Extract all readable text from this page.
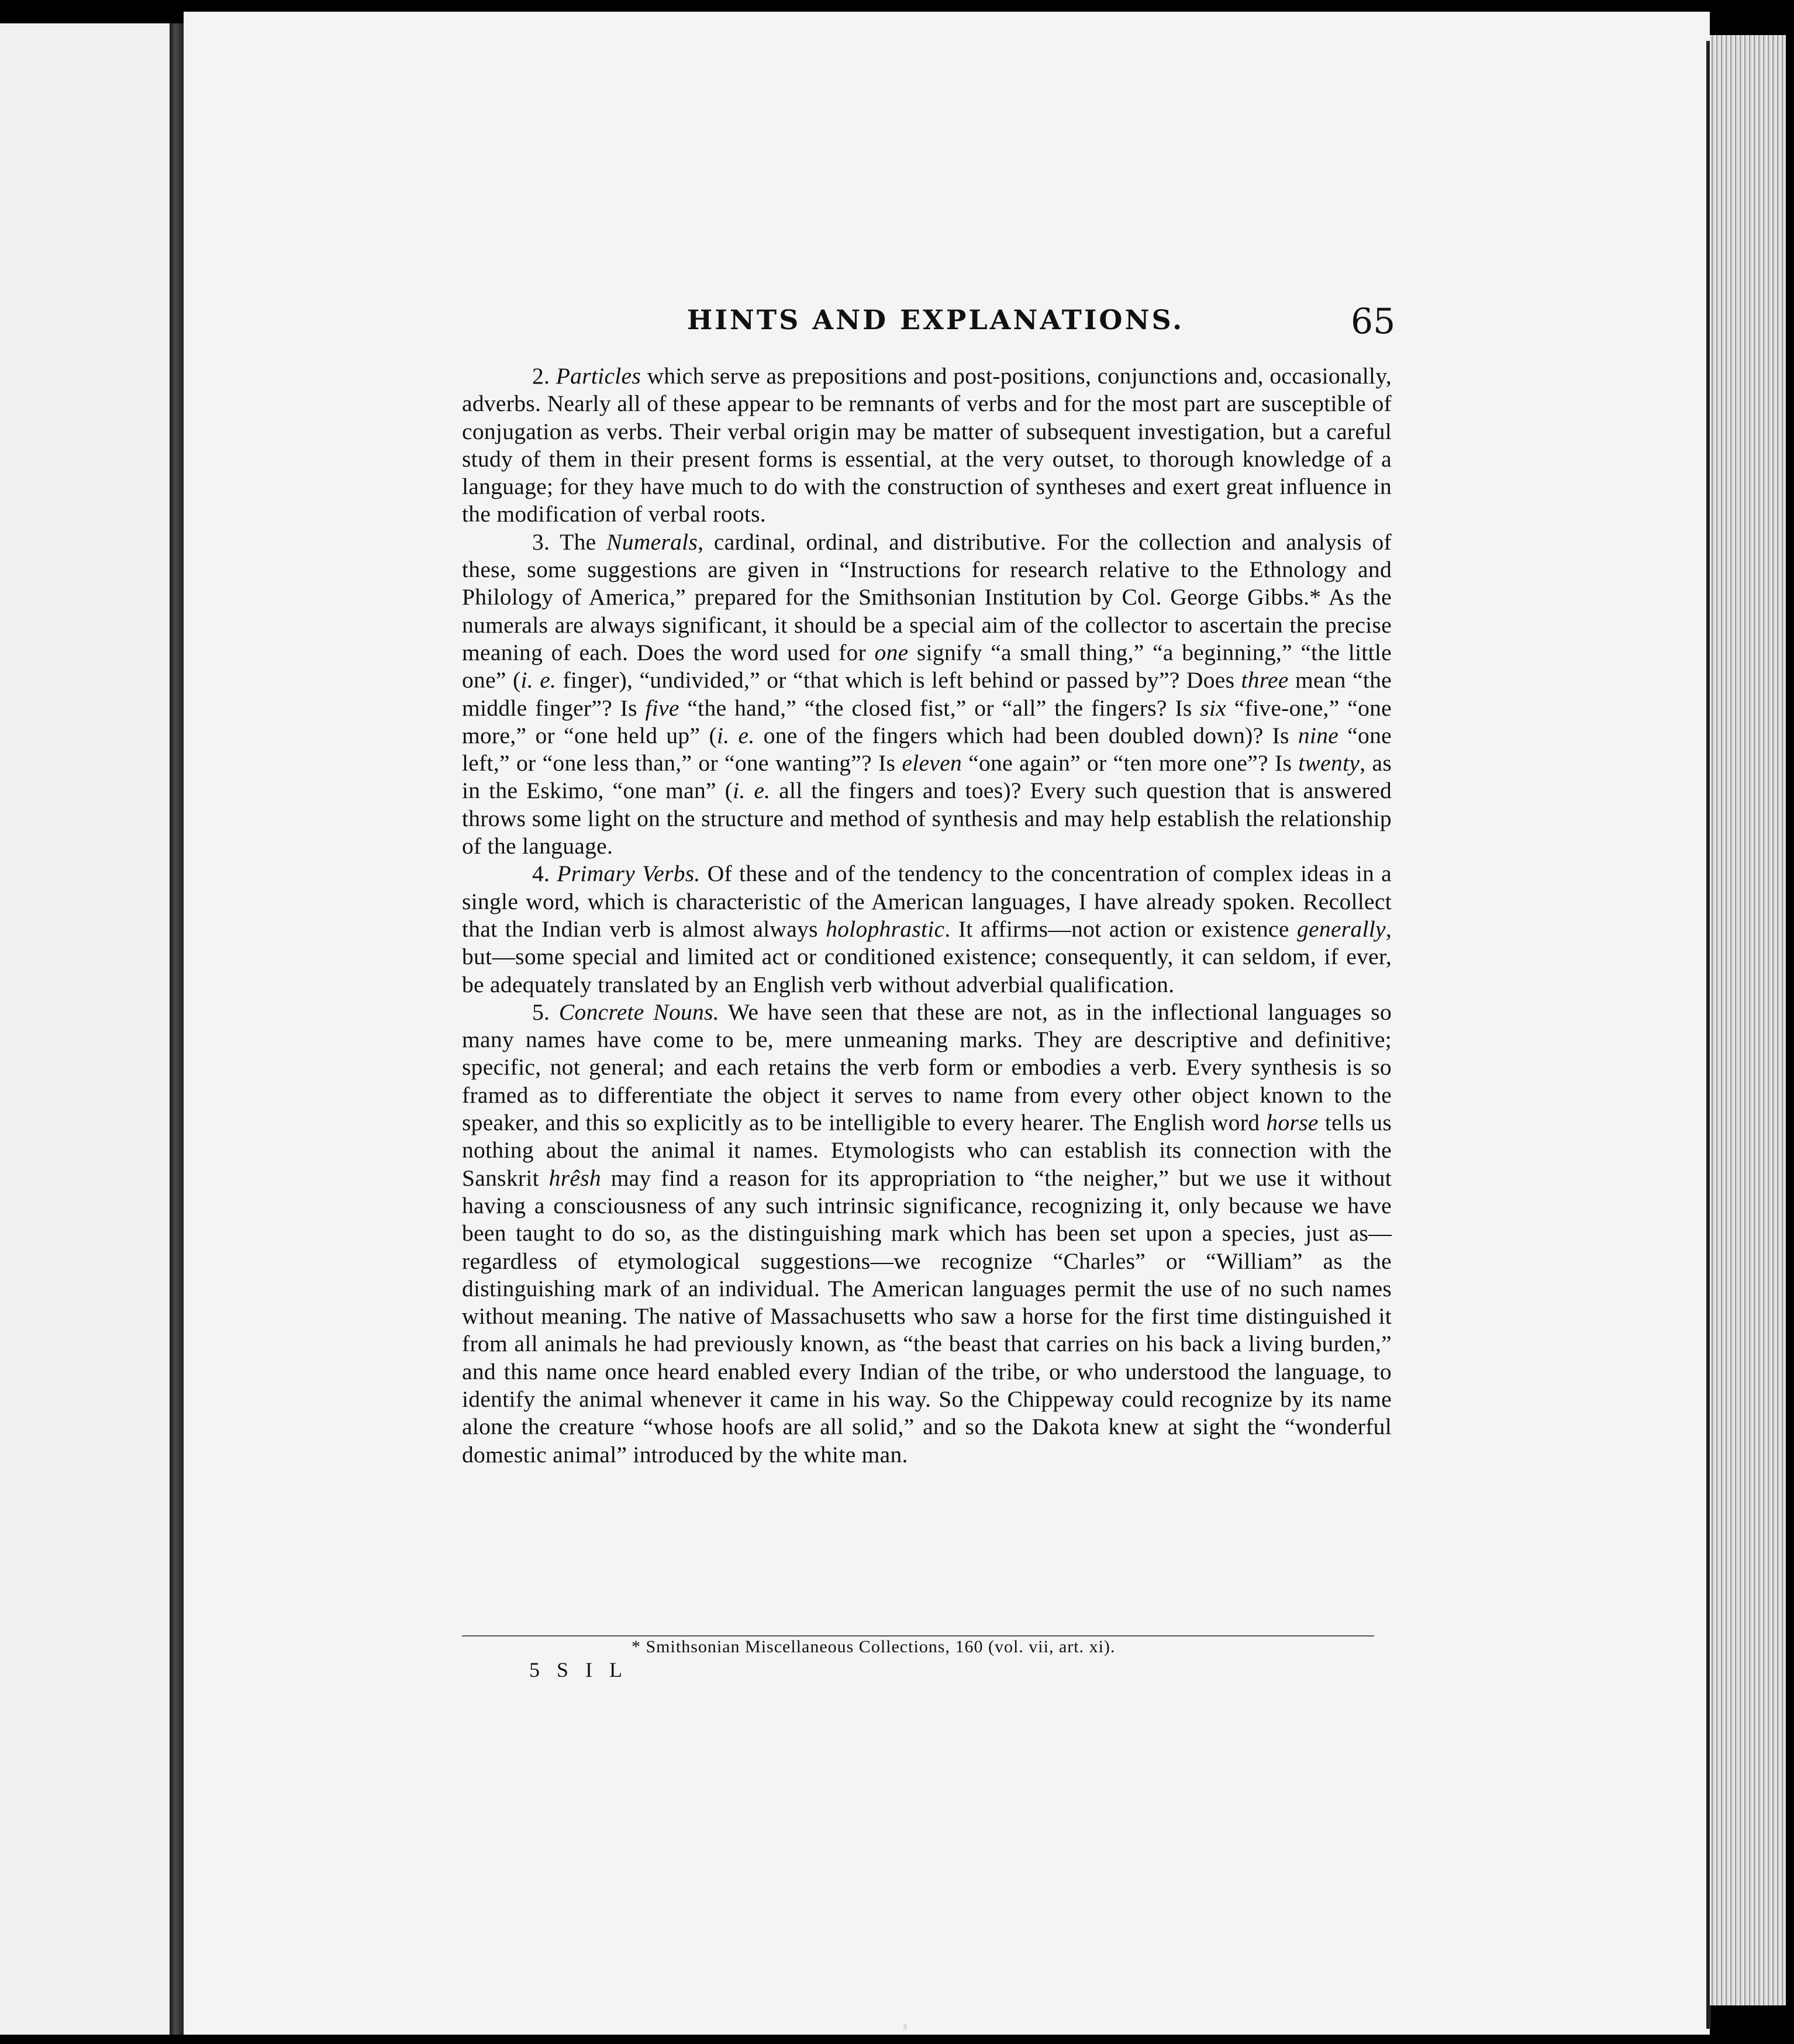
HINTS AND EXPLANATIONS.	65

2. Particles which serve as prepositions and post-positions, conjunctions and, occasionally, adverbs. Nearly all of these appear to be remnants of verbs and for the most part are susceptible of conjugation as verbs. Their verbal origin may be matter of subsequent investigation, but a careful study of them in their present forms is essential, at the very outset, to thorough knowledge of a language; for they have much to do with the construction of syntheses and exert great influence in the modification of verbal roots.

3. The Numerals, cardinal, ordinal, and distributive. For the collection and analysis of these, some suggestions are given in “Instructions for research relative to the Ethnology and Philology of America,” prepared for the Smithsonian Institution by Col. George Gibbs.* As the numerals are always significant, it should be a special aim of the collector to ascertain the precise meaning of each. Does the word used for one signify “a small thing,” “a beginning,” “the little one” (i. e. finger), “undivided,” or “that which is left behind or passed by”? Does three mean “the middle finger”? Is five “the hand,” “the closed fist,” or “all” the fingers? Is six “five-one,” “one more,” or “one held up” (i. e. one of the fingers which had been doubled down)? Is nine “one left,” or “one less than,” or “one wanting”? Is eleven “one again” or “ten more one”? Is twenty, as in the Eskimo, “one man” (i. e. all the fingers and toes)? Every such question that is answered throws some light on the structure and method of synthesis and may help establish the relationship of the language.

4. Primary Verbs. Of these and of the tendency to the concentration of complex ideas in a single word, which is characteristic of the American languages, I have already spoken. Recollect that the Indian verb is almost always holophrastic. It affirms—not action or existence generally, but—some special and limited act or conditioned existence; consequently, it can seldom, if ever, be adequately translated by an English verb without adverbial qualification.

5. Concrete Nouns. We have seen that these are not, as in the inflectional languages so many names have come to be, mere unmeaning marks. They are descriptive and definitive; specific, not general; and each retains the verb form or embodies a verb. Every synthesis is so framed as to differentiate the object it serves to name from every other object known to the speaker, and this so explicitly as to be intelligible to every hearer. The English word horse tells us nothing about the animal it names. Etymologists who can establish its connection with the Sanskrit hrêsh may find a reason for its appropriation to “the neigher,” but we use it without having a consciousness of any such intrinsic significance, recognizing it, only because we have been taught to do so, as the distinguishing mark which has been set upon a species, just as—regardless of etymological suggestions—we recognize “Charles” or “William” as the distinguishing mark of an individual. The American languages permit the use of no such names without meaning. The native of Massachusetts who saw a horse for the first time distinguished it from all animals he had previously known, as “the beast that carries on his back a living burden,” and this name once heard enabled every Indian of the tribe, or who understood the language, to identify the animal whenever it came in his way. So the Chippeway could recognize by its name alone the creature “whose hoofs are all solid,” and so the Dakota knew at sight the “wonderful domestic animal” introduced by the white man.

* Smithsonian Miscellaneous Collections, 160 (vol. vii, art. xi).
5 S I L
